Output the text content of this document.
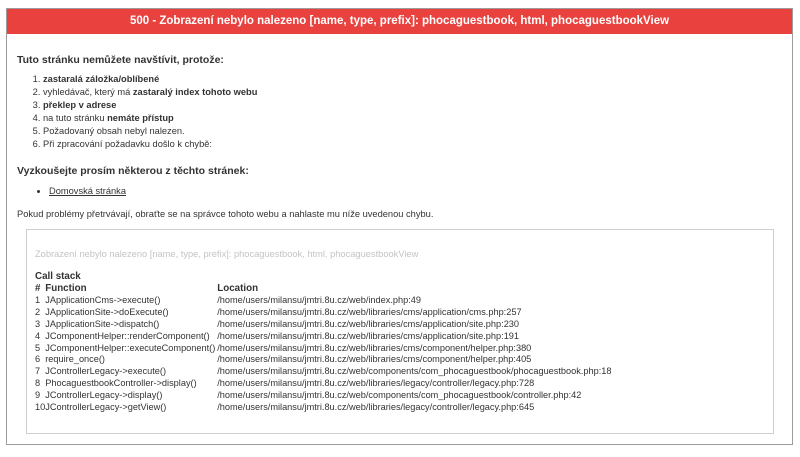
500 - Zobrazení nebylo nalezeno [name, type, prefix]: phocaguestbook, html, phocaguestbookView
Tuto stránku nemůžete navštívit, protože:
1. zastaralá záložka/oblíbené
2. vyhledávač, který má zastaralý index tohoto webu
3. překlep v adrese
4. na tuto stránku nemáte přístup
5. Požadovaný obsah nebyl nalezen.
6. Při zpracování požadavku došlo k chybě:
Vyzkoušejte prosím některou z těchto stránek:
• Domovská stránka
Pokud problémy přetrvávají, obraťte se na správce tohoto webu a nahlaste mu níže uvedenou chybu.
Zobrazení nebylo nalezeno [name, type, prefix]: phocaguestbook, html, phocaguestbookView
Call stack
#	Function	Location
1	JApplicationCms->execute()	/home/users/milansu/jmtri.8u.cz/web/index.php:49
2	JApplicationSite->doExecute()	/home/users/milansu/jmtri.8u.cz/web/libraries/cms/application/cms.php:257
3	JApplicationSite->dispatch()	/home/users/milansu/jmtri.8u.cz/web/libraries/cms/application/site.php:230
4	JComponentHelper::renderComponent()	/home/users/milansu/jmtri.8u.cz/web/libraries/cms/application/site.php:191
5	JComponentHelper::executeComponent()	/home/users/milansu/jmtri.8u.cz/web/libraries/cms/component/helper.php:380
6	require_once()	/home/users/milansu/jmtri.8u.cz/web/libraries/cms/component/helper.php:405
7	JControllerLegacy->execute()	/home/users/milansu/jmtri.8u.cz/web/components/com_phocaguestbook/phocaguestbook.php:18
8	PhocaguestbookController->display()	/home/users/milansu/jmtri.8u.cz/web/libraries/legacy/controller/legacy.php:728
9	JControllerLegacy->display()	/home/users/milansu/jmtri.8u.cz/web/components/com_phocaguestbook/controller.php:42
10	JControllerLegacy->getView()	/home/users/milansu/jmtri.8u.cz/web/libraries/legacy/controller/legacy.php:645
